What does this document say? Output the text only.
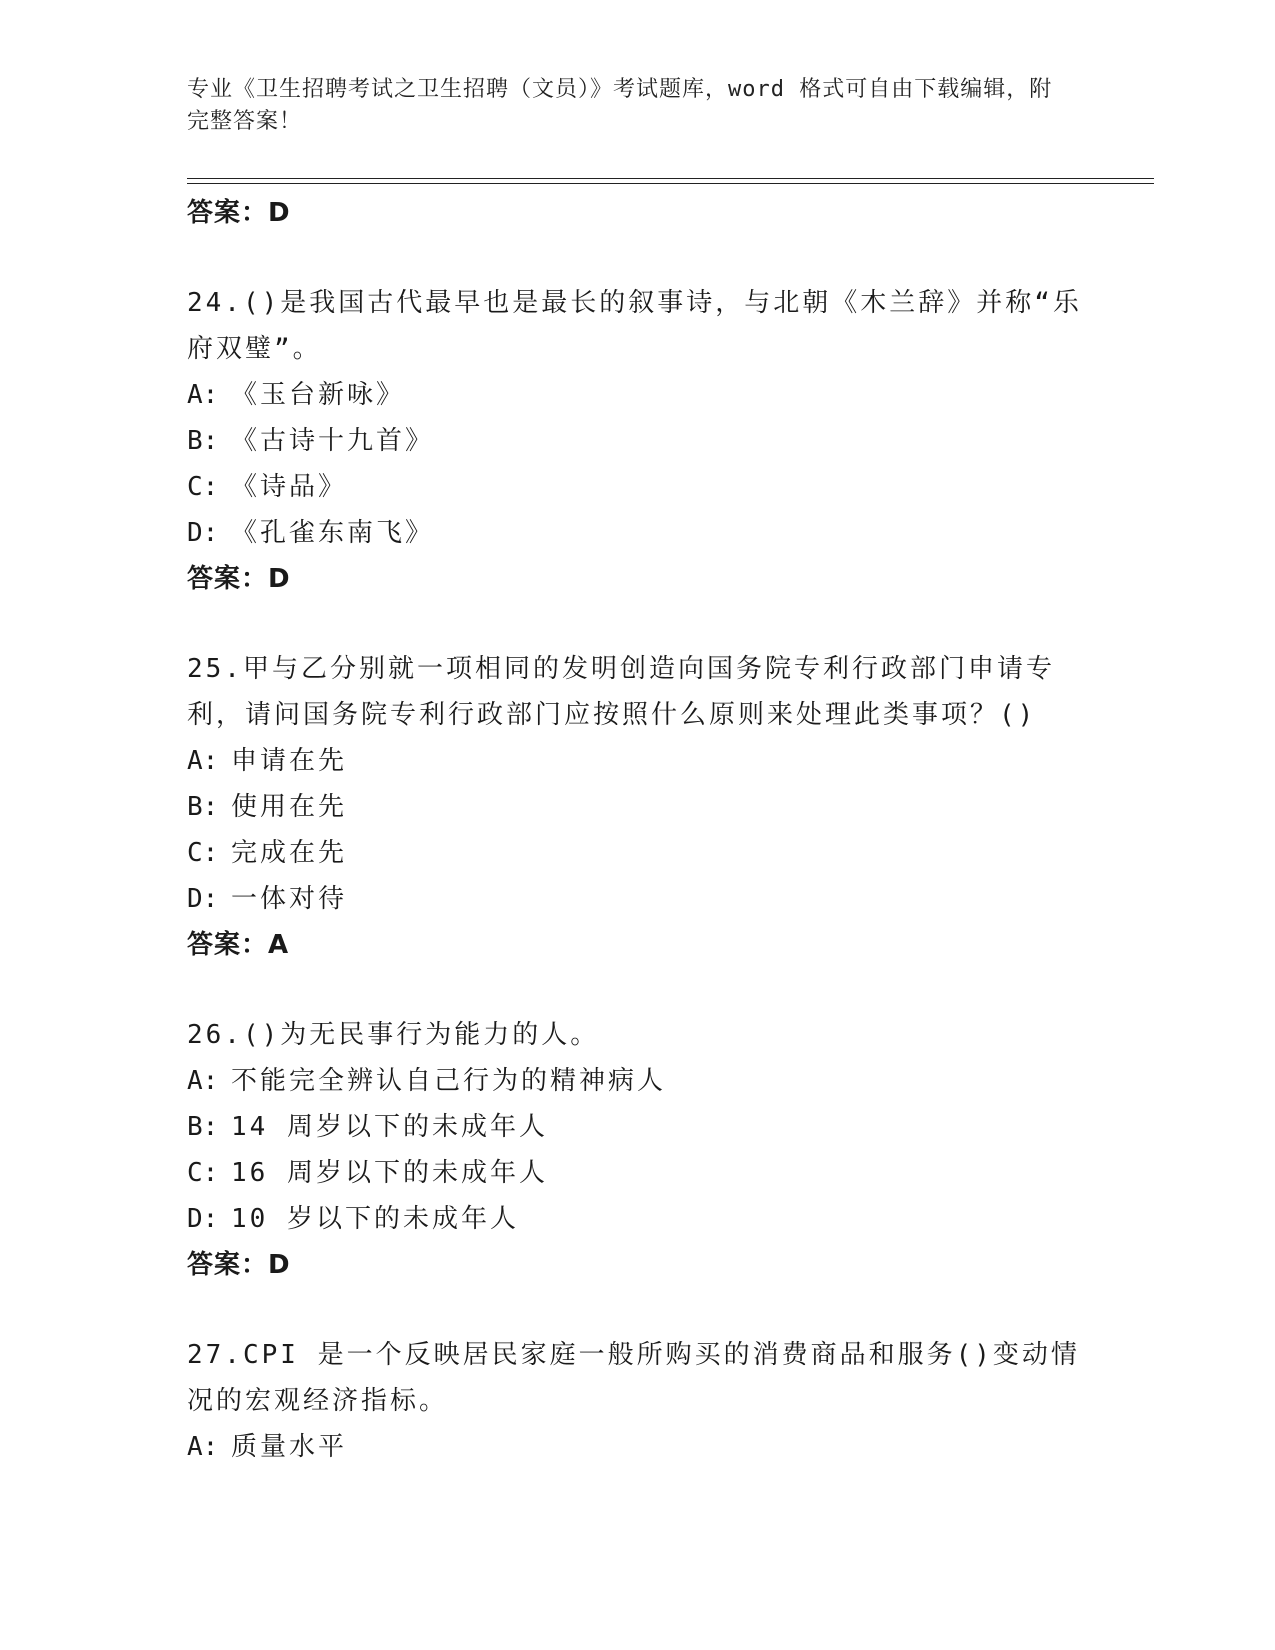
专业《卫生招聘考试之卫生招聘（文员）》考试题库，word 格式可自由下载编辑，附完整答案！

答案：D

24.()是我国古代最早也是最长的叙事诗，与北朝《木兰辞》并称“乐府双璧”。

A: 《玉台新咏》

B: 《古诗十九首》

C: 《诗品》

D: 《孔雀东南飞》

答案：D

25.甲与乙分别就一项相同的发明创造向国务院专利行政部门申请专利，请问国务院专利行政部门应按照什么原则来处理此类事项？()

A: 申请在先

B: 使用在先

C: 完成在先

D: 一体对待

答案：A

26.()为无民事行为能力的人。

A: 不能完全辨认自己行为的精神病人

B: 14 周岁以下的未成年人

C: 16 周岁以下的未成年人

D: 10 岁以下的未成年人

答案：D

27.CPI 是一个反映居民家庭一般所购买的消费商品和服务()变动情况的宏观经济指标。

A: 质量水平
